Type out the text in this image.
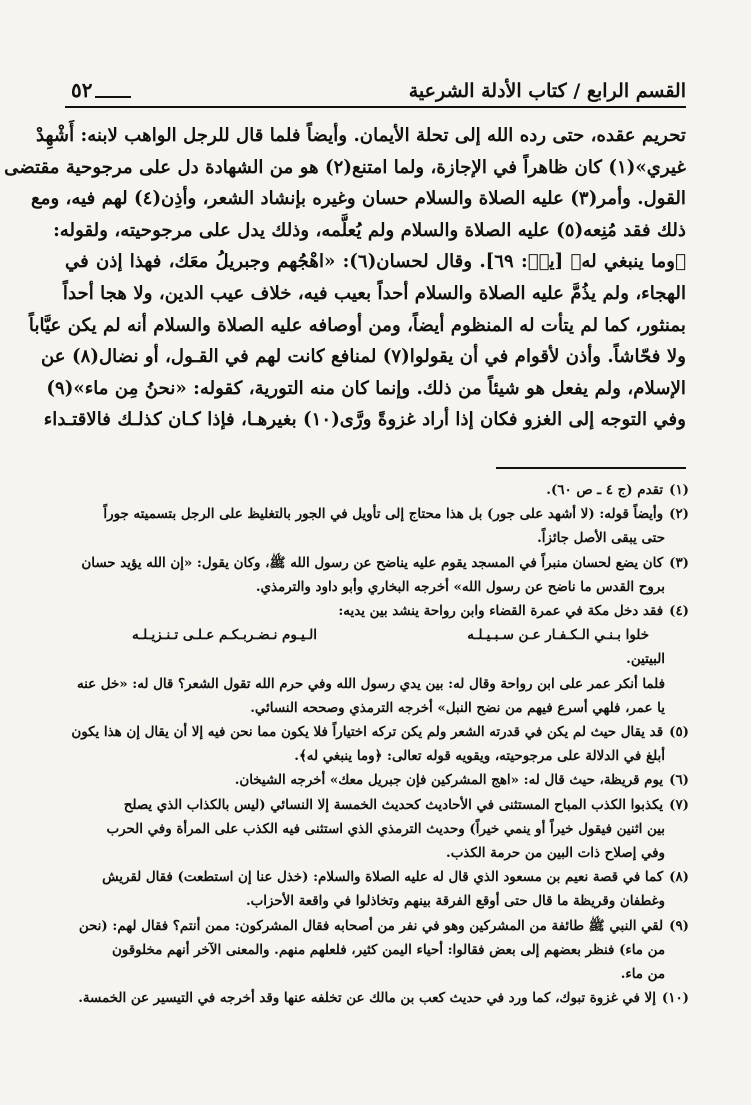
القسم الرابع / كتاب الأدلة الشرعية
٥٢
تحريم عقده، حتى رده الله إلى تحلة الأيمان. وأيضاً فلما قال للرجل الواهب لابنه: أَشْهِدْ
غيري»(١) كان ظاهراً في الإجازة، ولما امتنع(٢) هو من الشهادة دل على مرجوحية مقتضى
القول. وأمر(٣) عليه الصلاة والسلام حسان وغيره بإنشاد الشعر، وأذِن(٤) لهم فيه، ومع
ذلك فقد مُنِعه(٥) عليه الصلاة والسلام ولم يُعلَّمه، وذلك يدل على مرجوحيته، ولقوله:
﴿وما ينبغي له﴾ [يسۤ: ٦٩]. وقال لحسان(٦): «اهْجُهم وجبريلُ معَك، فهذا إذن في
الهجاء، ولم يذُمَّ عليه الصلاة والسلام أحداً بعيب فيه، خلاف عيب الدين، ولا هجا أحداً
بمنثور، كما لم يتأت له المنظوم أيضاً، ومن أوصافه عليه الصلاة والسلام أنه لم يكن عيَّاباً
ولا فحّاشاً. وأذن لأقوام في أن يقولوا(٧) لمنافع كانت لهم في القـول، أو نضال(٨) عن
الإسلام، ولم يفعل هو شيئاً من ذلك. وإنما كان منه التورية، كقوله: «نحنُ مِن ماء»(٩)
وفي التوجه إلى الغزو فكان إذا أراد غزوةً ورَّى(١٠) بغيرهـا، فإذا كـان كذلـك فالاقتـداء
(١)تقدم (ج ٤ ـ ص ٦٠).
(٢)وأيضاً قوله: (لا أشهد على جور) بل هذا محتاج إلى تأويل في الجور بالتغليظ على الرجل بتسميته جوراً
حتى يبقى الأصل جائزاً.
(٣)كان يضع لحسان منبراً في المسجد يقوم عليه يناضح عن رسول الله ﷺ، وكان يقول: «إن الله يؤيد حسان
بروح القدس ما ناضح عن رسول الله» أخرجه البخاري وأبو داود والترمذي.
(٤)فقد دخل مكة في عمرة القضاء وابن رواحة ينشد بين يديه:
خلوا بـنـي الـكـفـار عـن سـبـيـلـه
الـيـوم نـضـربـكـم عـلـى تـنـزيـلـه
البيتين.
فلما أنكر عمر على ابن رواحة وقال له: بين يدي رسول الله وفي حرم الله تقول الشعر؟ قال له: «خل عنه
يا عمر، فلهي أسرع فيهم من نضح النبل» أخرجه الترمذي وصححه النسائي.
(٥)قد يقال حيث لم يكن في قدرته الشعر ولم يكن تركه اختياراً فلا يكون مما نحن فيه إلا أن يقال إن هذا يكون
أبلغ في الدلالة على مرجوحيته، ويقويه قوله تعالى: ﴿وما ينبغي له﴾.
(٦)يوم قريظة، حيث قال له: «اهج المشركين فإن جبريل معك» أخرجه الشيخان.
(٧)يكذبوا الكذب المباح المستثنى في الأحاديث كحديث الخمسة إلا النسائي (ليس بالكذاب الذي يصلح
بين اثنين فيقول خيراً أو ينمي خيراً) وحديث الترمذي الذي استثنى فيه الكذب على المرأة وفي الحرب
وفي إصلاح ذات البين من حرمة الكذب.
(٨)كما في قصة نعيم بن مسعود الذي قال له عليه الصلاة والسلام: (خذل عنا إن استطعت) فقال لقريش
وغطفان وقريظة ما قال حتى أوقع الفرقة بينهم وتخاذلوا في واقعة الأحزاب.
(٩)لقي النبي ﷺ طائفة من المشركين وهو في نفر من أصحابه فقال المشركون: ممن أنتم؟ فقال لهم: (نحن
من ماء) فنظر بعضهم إلى بعض فقالوا: أحياء اليمن كثير، فلعلهم منهم. والمعنى الآخر أنهم مخلوقون
من ماء.
(١٠)إلا في غزوة تبوك، كما ورد في حديث كعب بن مالك عن تخلفه عنها وقد أخرجه في التيسير عن الخمسة.
